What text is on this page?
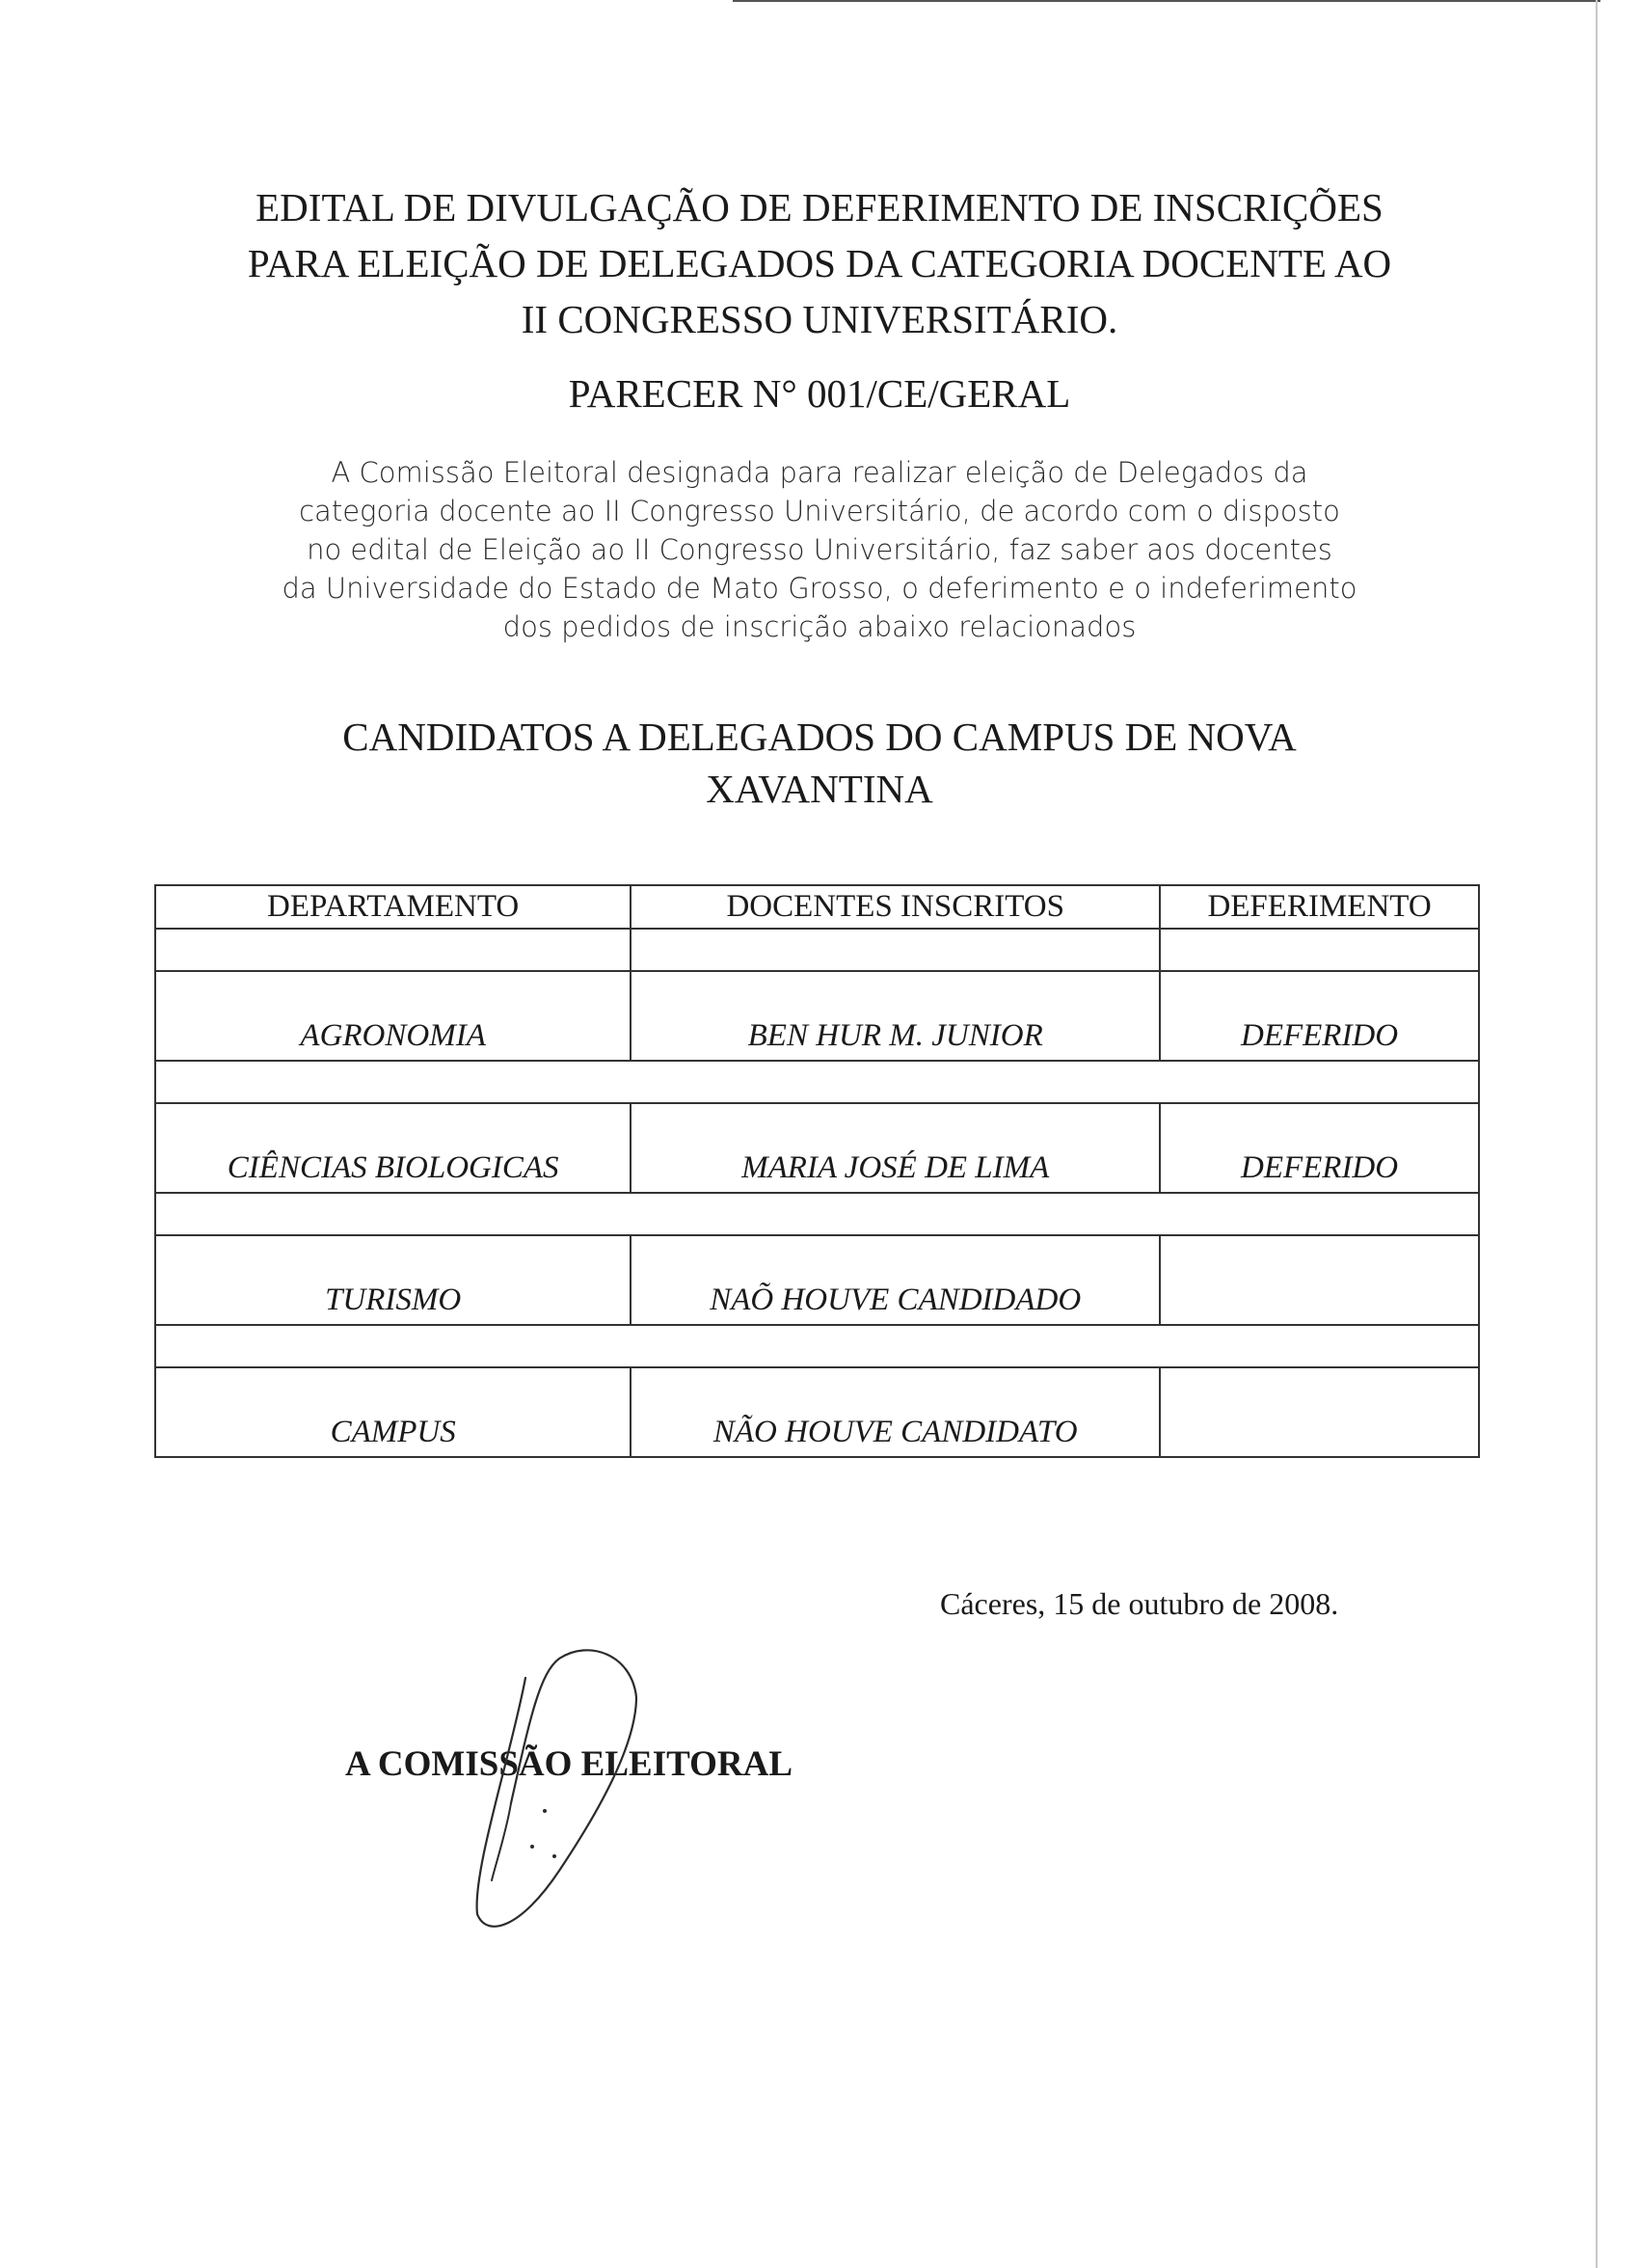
EDITAL DE DIVULGAÇÃO DE DEFERIMENTO DE INSCRIÇÕES
PARA ELEIÇÃO DE DELEGADOS DA CATEGORIA DOCENTE AO
II CONGRESSO UNIVERSITÁRIO.
PARECER N° 001/CE/GERAL
A Comissão Eleitoral designada para realizar eleição de Delegados da
categoria docente ao II Congresso Universitário, de acordo com o disposto
no edital de Eleição ao II Congresso Universitário, faz saber aos docentes
da Universidade do Estado de Mato Grosso, o deferimento e o indeferimento
dos pedidos de inscrição abaixo relacionados
CANDIDATOS A DELEGADOS DO CAMPUS DE NOVA
XAVANTINA
DEPARTAMENTO	DOCENTES INSCRITOS	DEFERIMENTO

AGRONOMIA	BEN HUR M. JUNIOR	DEFERIDO

CIÊNCIAS BIOLOGICAS	MARIA JOSÉ DE LIMA	DEFERIDO

TURISMO	NAÕ HOUVE CANDIDADO	

CAMPUS	NÃO HOUVE CANDIDATO	
Cáceres, 15 de outubro de 2008.
A COMISSÃO ELEITORAL
